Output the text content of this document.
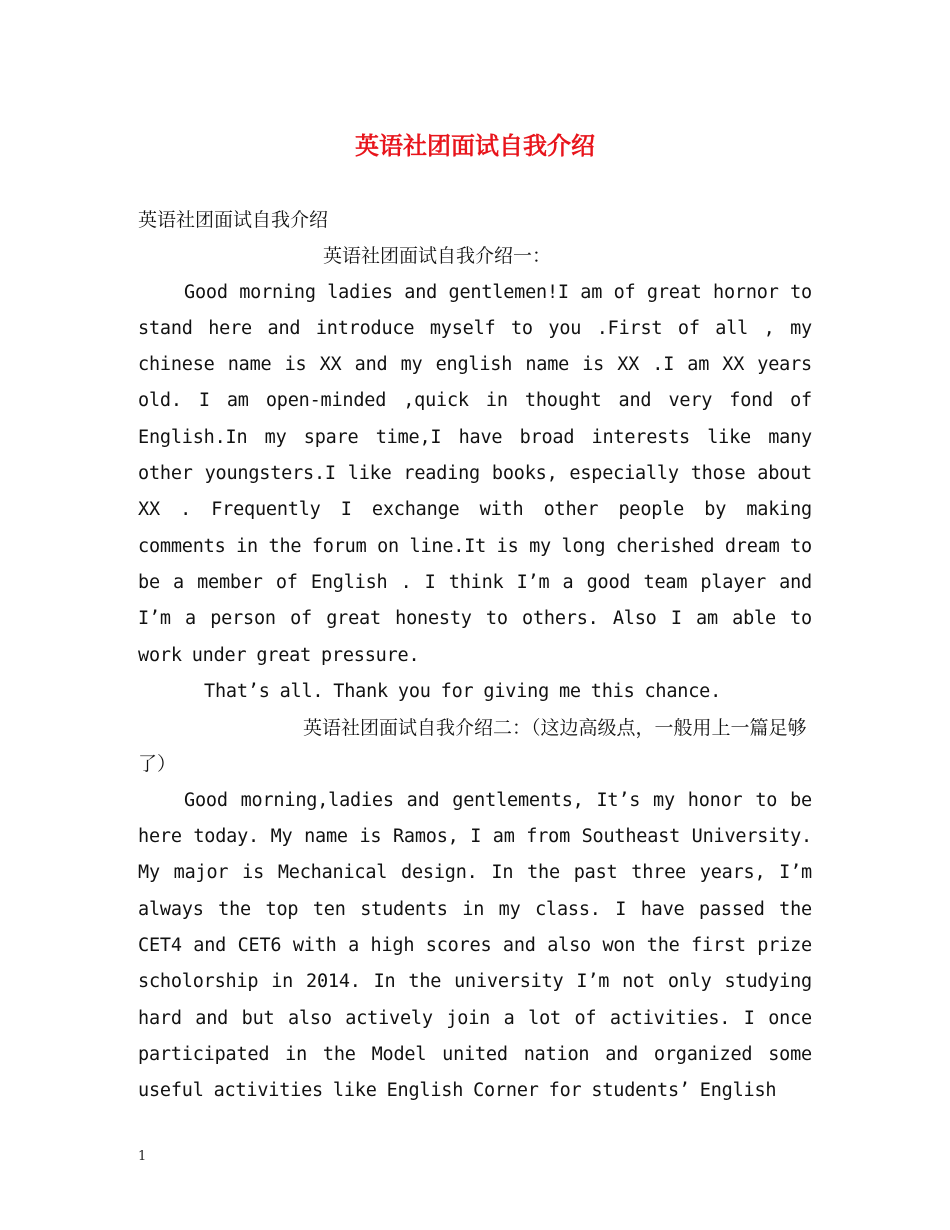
英语社团面试自我介绍

英语社团面试自我介绍

英语社团面试自我介绍一：

Good morning ladies and gentlemen!I am of great hornor to stand here and introduce myself to you .First of all , my chinese name is XX and my english name is XX .I am XX years old. I am open-minded ,quick in thought and very fond of English.In my spare time,I have broad interests like many other youngsters.I like reading books, especially those about XX . Frequently I exchange with other people by making comments in the forum on line.It is my long cherished dream to be a member of English . I think I’m a good team player and I’m a person of great honesty to others. Also I am able to work under great pressure.

That’s all. Thank you for giving me this chance.

英语社团面试自我介绍二：（这边高级点，一般用上一篇足够了）

Good morning,ladies and gentlements, It’s my honor to be here today. My name is Ramos, I am from Southeast University. My major is Mechanical design. In the past three years, I’m always the top ten students in my class. I have passed the CET4 and CET6 with a high scores and also won the first prize scholorship in 2014. In the university I’m not only studying hard and but also actively join a lot of activities. I once participated in the Model united nation and organized some useful activities like English Corner for students’ English

1
